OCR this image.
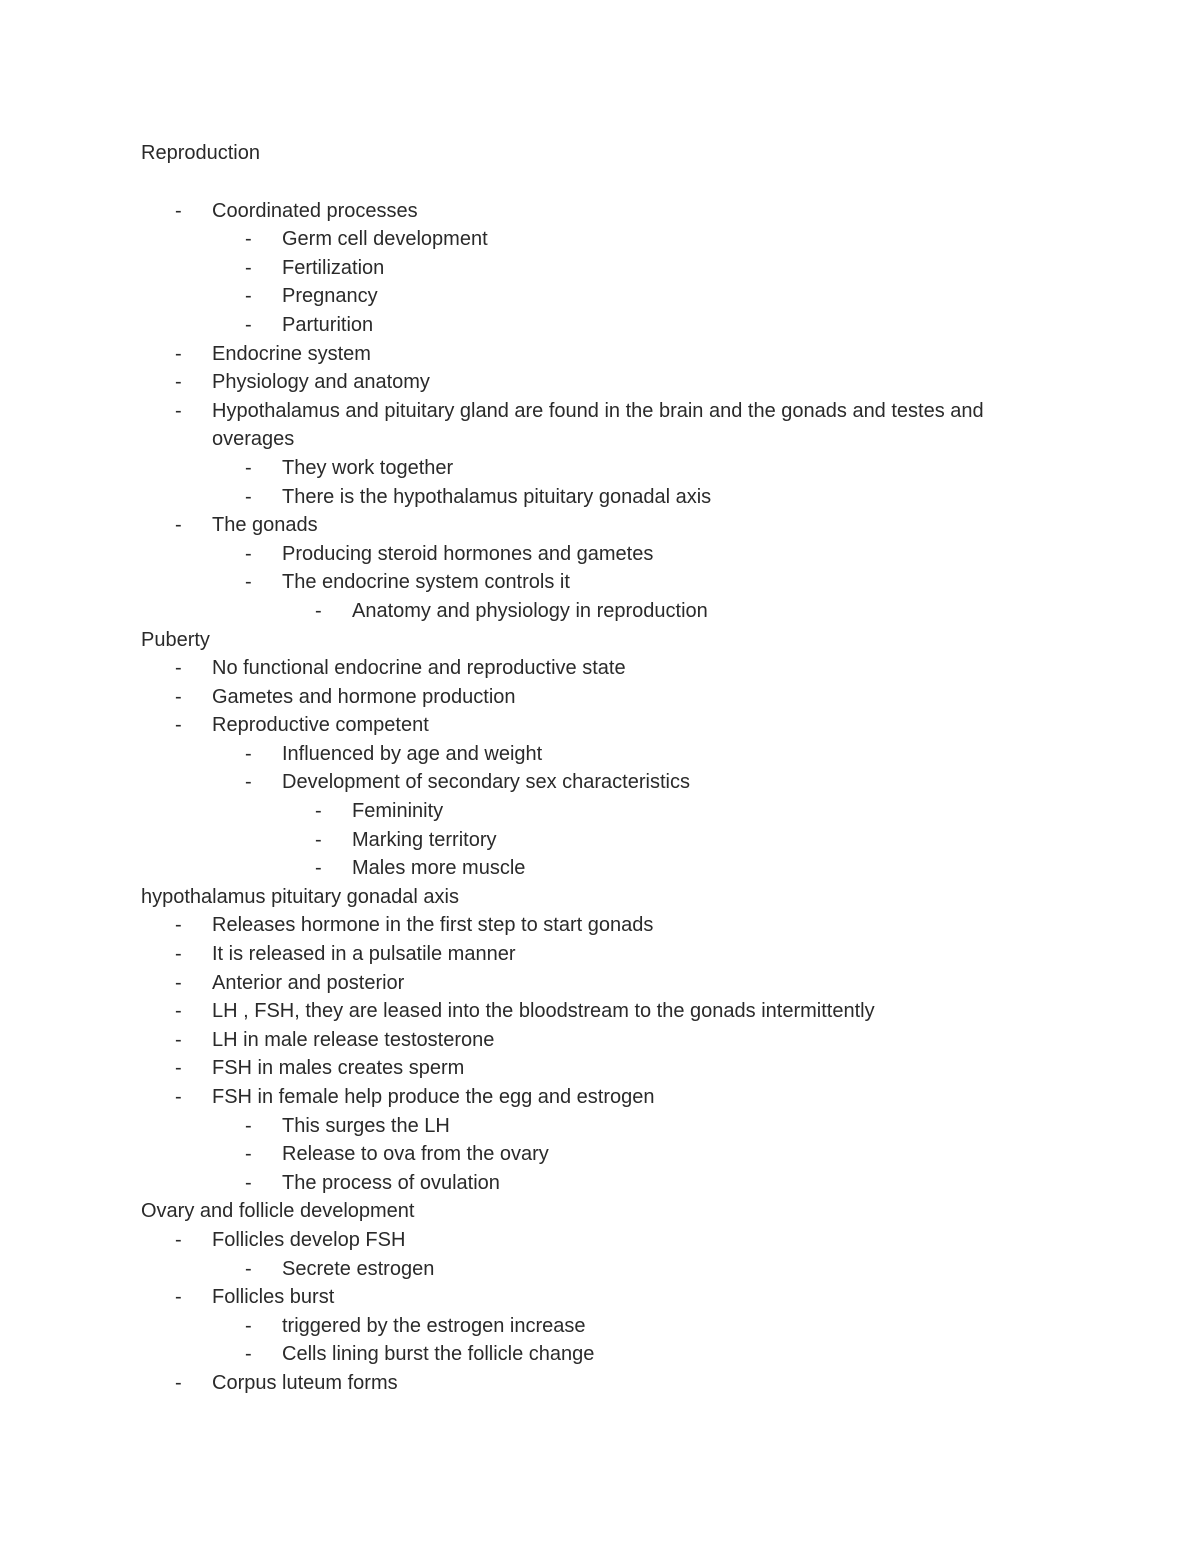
Reproduction

- Coordinated processes
- Germ cell development
- Fertilization
- Pregnancy
- Parturition
- Endocrine system
- Physiology and anatomy
- Hypothalamus and pituitary gland are found in the brain and the gonads and testes and overages
- They work together
- There is the hypothalamus pituitary gonadal axis
- The gonads
- Producing steroid hormones and gametes
- The endocrine system controls it
- Anatomy and physiology in reproduction

Puberty

- No functional endocrine and reproductive state
- Gametes and hormone production
- Reproductive competent
- Influenced by age and weight
- Development of secondary sex characteristics
- Femininity
- Marking territory
- Males more muscle

hypothalamus pituitary gonadal axis

- Releases hormone in the first step to start gonads
- It is released in a pulsatile manner
- Anterior and posterior
- LH , FSH, they are leased into the bloodstream to the gonads intermittently
- LH in male release testosterone
- FSH in males creates sperm
- FSH in female help produce the egg and estrogen
- This surges the LH
- Release to ova from the ovary
- The process of ovulation

Ovary and follicle development

- Follicles develop FSH
- Secrete estrogen
- Follicles burst
- triggered by the estrogen increase
- Cells lining burst the follicle change
- Corpus luteum forms
